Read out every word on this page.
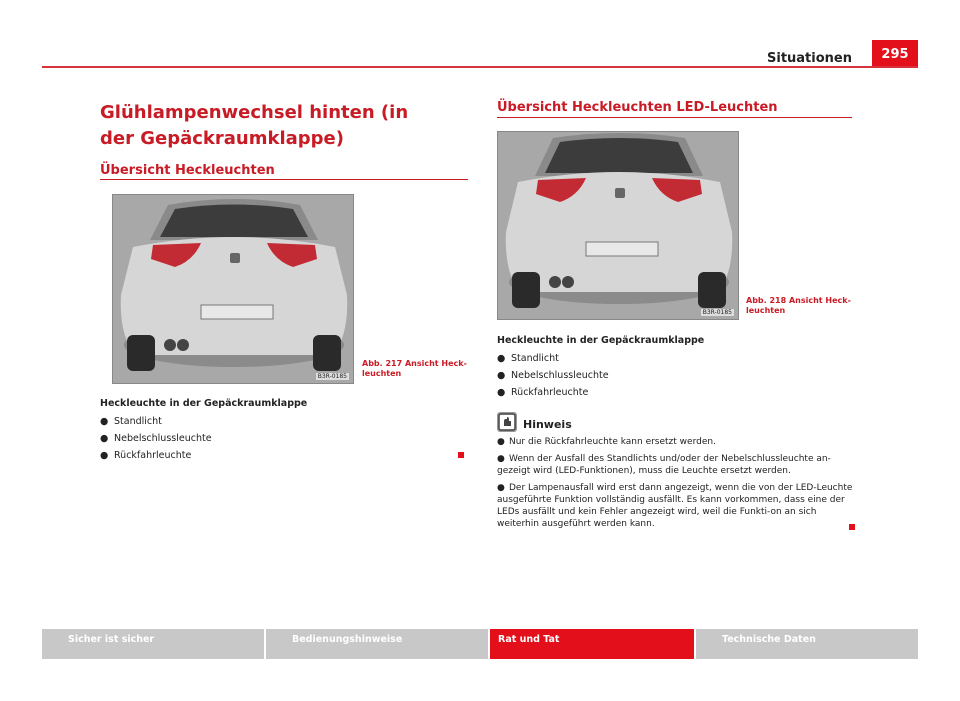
Situationen	295
Glühlampenwechsel hinten (in der Gepäckraumklappe)
Übersicht Heckleuchten
B3R-0185
Abb. 217 Ansicht Heck-leuchten
Heckleuchte in der Gepäckraumklappe
● Standlicht
● Nebelschlussleuchte
● Rückfahrleuchte
Übersicht Heckleuchten LED-Leuchten
B3R-0185
Abb. 218 Ansicht Heck-leuchten
Heckleuchte in der Gepäckraumklappe
● Standlicht
● Nebelschlussleuchte
● Rückfahrleuchte
Hinweis
● Nur die Rückfahrleuchte kann ersetzt werden.
● Wenn der Ausfall des Standlichts und/oder der Nebelschlussleuchte an-gezeigt wird (LED-Funktionen), muss die Leuchte ersetzt werden.
● Der Lampenausfall wird erst dann angezeigt, wenn die von der LED-Leuchte ausgeführte Funktion vollständig ausfällt. Es kann vorkommen, dass eine der LEDs ausfällt und kein Fehler angezeigt wird, weil die Funkti-on an sich weiterhin ausgeführt werden kann.
Sicher ist sicher	Bedienungshinweise	Rat und Tat	Technische Daten
